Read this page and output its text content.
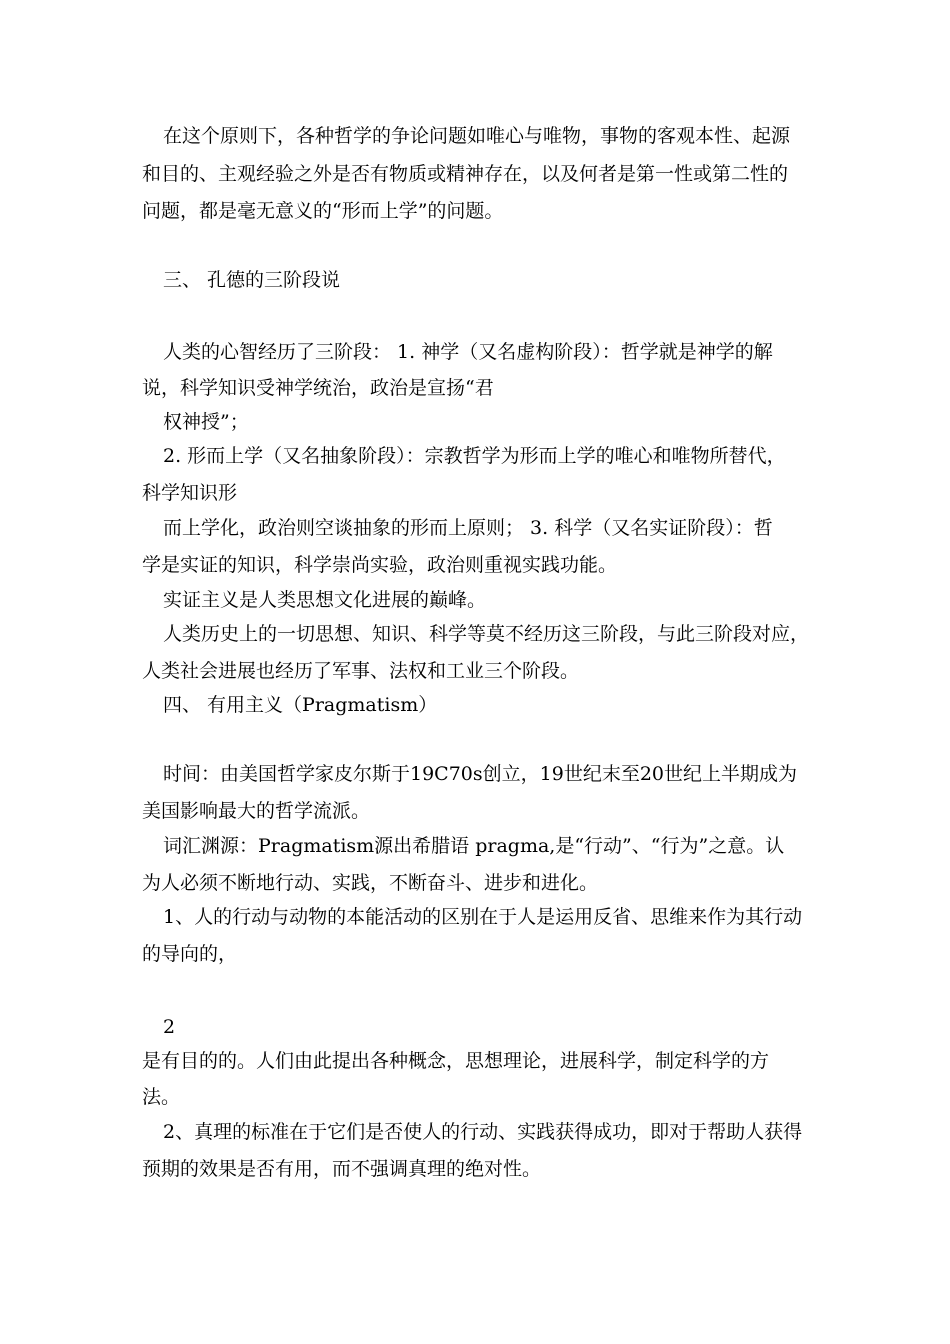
在这个原则下，各种哲学的争论问题如唯心与唯物，事物的客观本性、起源
和目的、主观经验之外是否有物质或精神存在，以及何者是第一性或第二性的
问题，都是毫无意义的“形而上学”的问题。
三、 孔德的三阶段说
人类的心智经历了三阶段： 1. 神学（又名虚构阶段）：哲学就是神学的解
说，科学知识受神学统治，政治是宣扬“君
权神授”；
2. 形而上学（又名抽象阶段）：宗教哲学为形而上学的唯心和唯物所替代，
科学知识形
而上学化，政治则空谈抽象的形而上原则； 3. 科学（又名实证阶段）：哲
学是实证的知识，科学崇尚实验，政治则重视实践功能。
实证主义是人类思想文化进展的巅峰。
人类历史上的一切思想、知识、科学等莫不经历这三阶段，与此三阶段对应，
人类社会进展也经历了军事、法权和工业三个阶段。
四、 有用主义（Pragmatism）
时间：由美国哲学家皮尔斯于19C70s创立，19世纪末至20世纪上半期成为
美国影响最大的哲学流派。
词汇渊源：Pragmatism源出希腊语 pragma,是“行动”、“行为”之意。认
为人必须不断地行动、实践，不断奋斗、进步和进化。
1、人的行动与动物的本能活动的区别在于人是运用反省、思维来作为其行动
的导向的，
2
是有目的的。人们由此提出各种概念，思想理论，进展科学，制定科学的方
法。
2、真理的标准在于它们是否使人的行动、实践获得成功，即对于帮助人获得
预期的效果是否有用，而不强调真理的绝对性。
